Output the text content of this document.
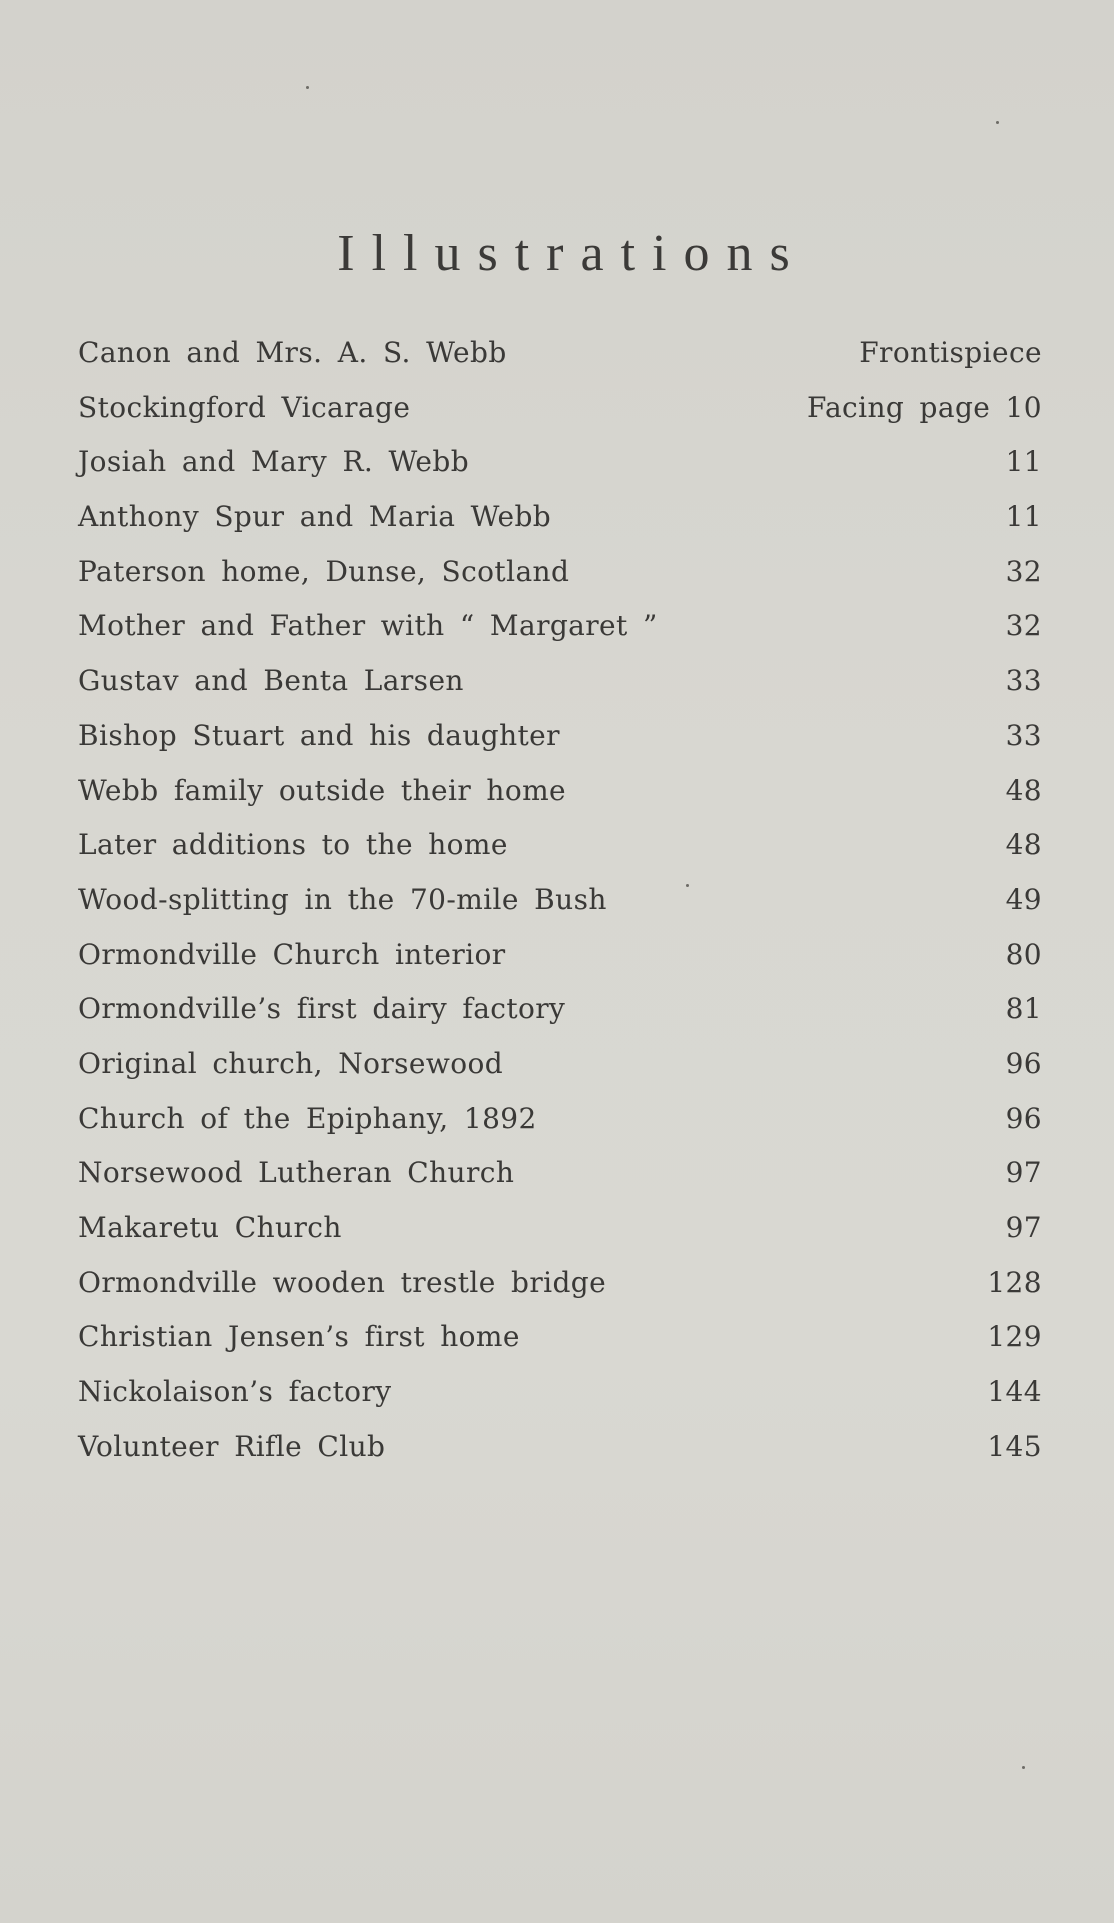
Illustrations
Canon and Mrs. A. S. Webb	Frontispiece
Stockingford Vicarage	Facing page 10
Josiah and Mary R. Webb	11
Anthony Spur and Maria Webb	11
Paterson home, Dunse, Scotland	32
Mother and Father with “ Margaret ”	32
Gustav and Benta Larsen	33
Bishop Stuart and his daughter	33
Webb family outside their home	48
Later additions to the home	48
Wood-splitting in the 70-mile Bush	49
Ormondville Church interior	80
Ormondville’s first dairy factory	81
Original church, Norsewood	96
Church of the Epiphany, 1892	96
Norsewood Lutheran Church	97
Makaretu Church	97
Ormondville wooden trestle bridge	128
Christian Jensen’s first home	129
Nickolaison’s factory	144
Volunteer Rifle Club	145
